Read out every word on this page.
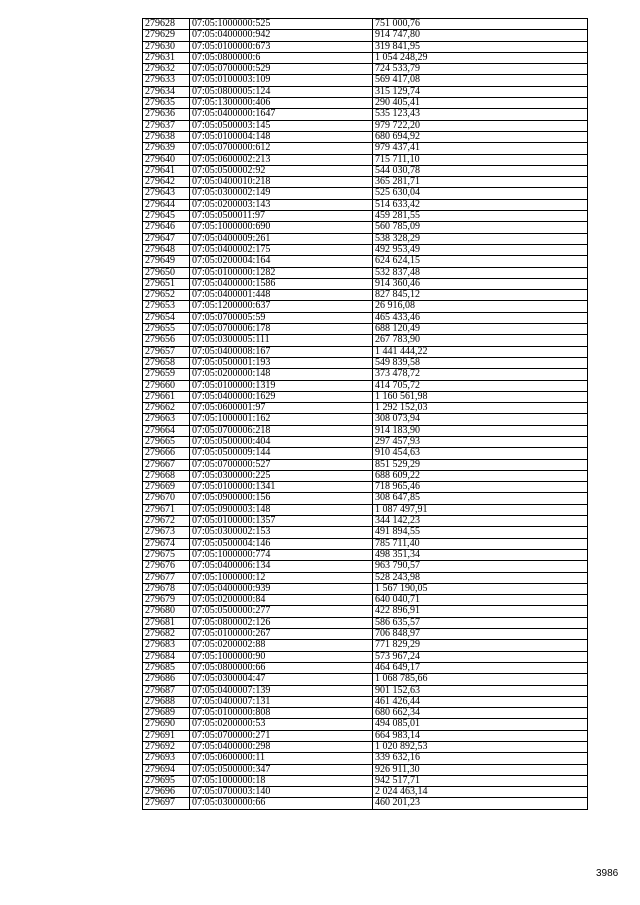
279628	07:05:1000000:525	751 000,76
279629	07:05:0400000:942	914 747,80
279630	07:05:0100000:673	319 841,95
279631	07:05:0800000:6	1 054 248,29
279632	07:05:0700000:529	724 533,79
279633	07:05:0100003:109	569 417,08
279634	07:05:0800005:124	315 129,74
279635	07:05:1300000:406	290 405,41
279636	07:05:0400000:1647	535 123,43
279637	07:05:0500003:145	979 722,20
279638	07:05:0100004:148	680 694,92
279639	07:05:0700000:612	979 437,41
279640	07:05:0600002:213	715 711,10
279641	07:05:0500002:92	544 030,78
279642	07:05:0400010:218	365 281,71
279643	07:05:0300002:149	525 630,04
279644	07:05:0200003:143	514 633,42
279645	07:05:0500011:97	459 281,55
279646	07:05:1000000:690	560 785,09
279647	07:05:0400009:261	538 328,29
279648	07:05:0400002:175	492 953,49
279649	07:05:0200004:164	624 624,15
279650	07:05:0100000:1282	532 837,48
279651	07:05:0400000:1586	914 360,46
279652	07:05:0400001:448	827 845,12
279653	07:05:1200000:637	26 916,08
279654	07:05:0700005:59	465 433,46
279655	07:05:0700006:178	688 120,49
279656	07:05:0300005:111	267 783,90
279657	07:05:0400008:167	1 441 444,22
279658	07:05:0500001:193	549 839,58
279659	07:05:0200000:148	373 478,72
279660	07:05:0100000:1319	414 705,72
279661	07:05:0400000:1629	1 160 561,98
279662	07:05:0600001:97	1 292 152,03
279663	07:05:1000001:162	308 073,94
279664	07:05:0700006:218	914 183,90
279665	07:05:0500000:404	297 457,93
279666	07:05:0500009:144	910 454,63
279667	07:05:0700000:527	851 529,29
279668	07:05:0300000:225	688 609,22
279669	07:05:0100000:1341	718 965,46
279670	07:05:0900000:156	308 647,85
279671	07:05:0900003:148	1 087 497,91
279672	07:05:0100000:1357	344 142,23
279673	07:05:0300002:153	491 894,55
279674	07:05:0500004:146	785 711,40
279675	07:05:1000000:774	498 351,34
279676	07:05:0400006:134	963 790,57
279677	07:05:1000000:12	528 243,98
279678	07:05:0400000:939	1 567 190,05
279679	07:05:0200000:84	640 040,71
279680	07:05:0500000:277	422 896,91
279681	07:05:0800002:126	586 635,57
279682	07:05:0100000:267	706 848,97
279683	07:05:0200002:88	771 829,29
279684	07:05:1000000:90	573 967,24
279685	07:05:0800000:66	464 649,17
279686	07:05:0300004:47	1 068 785,66
279687	07:05:0400007:139	901 152,63
279688	07:05:0400007:131	461 426,44
279689	07:05:0100000:808	680 662,34
279690	07:05:0200000:53	494 085,01
279691	07:05:0700000:271	664 983,14
279692	07:05:0400000:298	1 020 892,53
279693	07:05:0600000:11	339 632,16
279694	07:05:0500000:347	926 911,30
279695	07:05:1000000:18	942 517,71
279696	07:05:0700003:140	2 024 463,14
279697	07:05:0300000:66	460 201,23
3986
